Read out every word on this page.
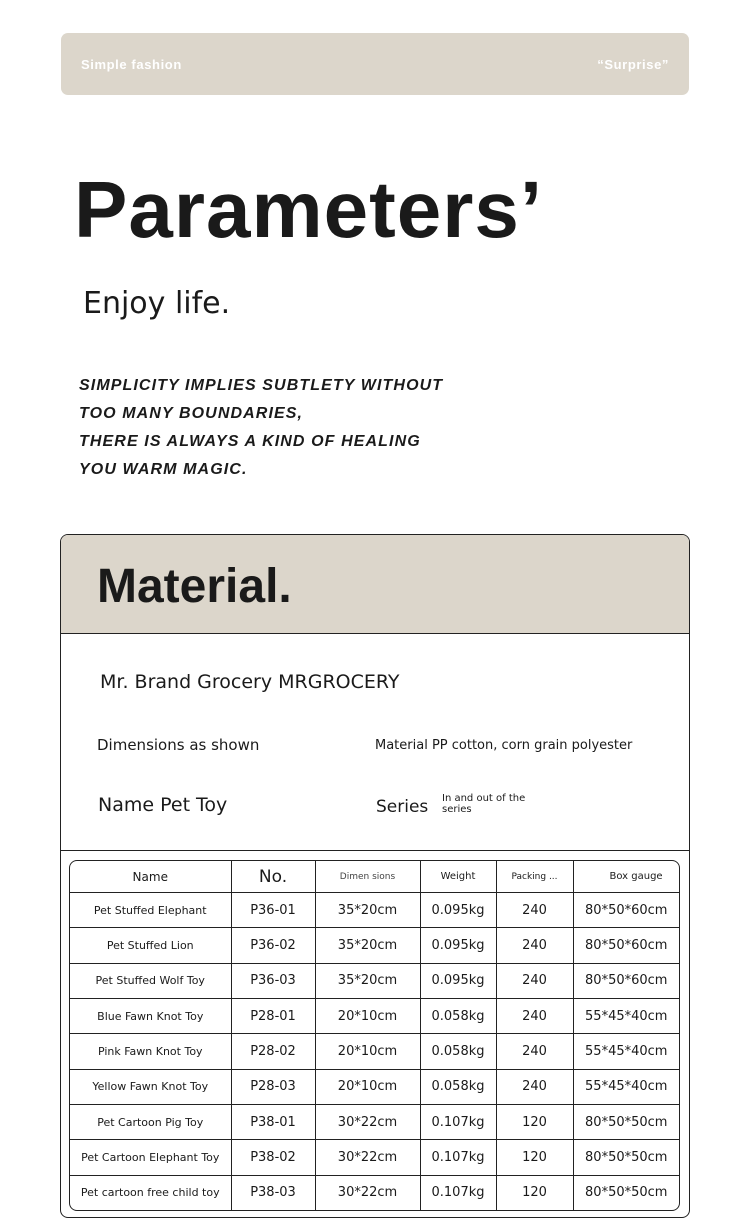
Simple fashion	“Surprise”
Parameters’
Enjoy life.
SIMPLICITY IMPLIES SUBTLETY WITHOUT
TOO MANY BOUNDARIES,
THERE IS ALWAYS A KIND OF HEALING
YOU WARM MAGIC.
Material.
Mr. Brand Grocery MRGROCERY
Dimensions as shown	Material PP cotton, corn grain polyester
Name Pet Toy	Series In and out of the series
Name	No.	Dimen sions	Weight	Packing ...	Box gauge
Pet Stuffed Elephant	P36-01	35*20cm	0.095kg	240	80*50*60cm
Pet Stuffed Lion	P36-02	35*20cm	0.095kg	240	80*50*60cm
Pet Stuffed Wolf Toy	P36-03	35*20cm	0.095kg	240	80*50*60cm
Blue Fawn Knot Toy	P28-01	20*10cm	0.058kg	240	55*45*40cm
Pink Fawn Knot Toy	P28-02	20*10cm	0.058kg	240	55*45*40cm
Yellow Fawn Knot Toy	P28-03	20*10cm	0.058kg	240	55*45*40cm
Pet Cartoon Pig Toy	P38-01	30*22cm	0.107kg	120	80*50*50cm
Pet Cartoon Elephant Toy	P38-02	30*22cm	0.107kg	120	80*50*50cm
Pet cartoon free child toy	P38-03	30*22cm	0.107kg	120	80*50*50cm
